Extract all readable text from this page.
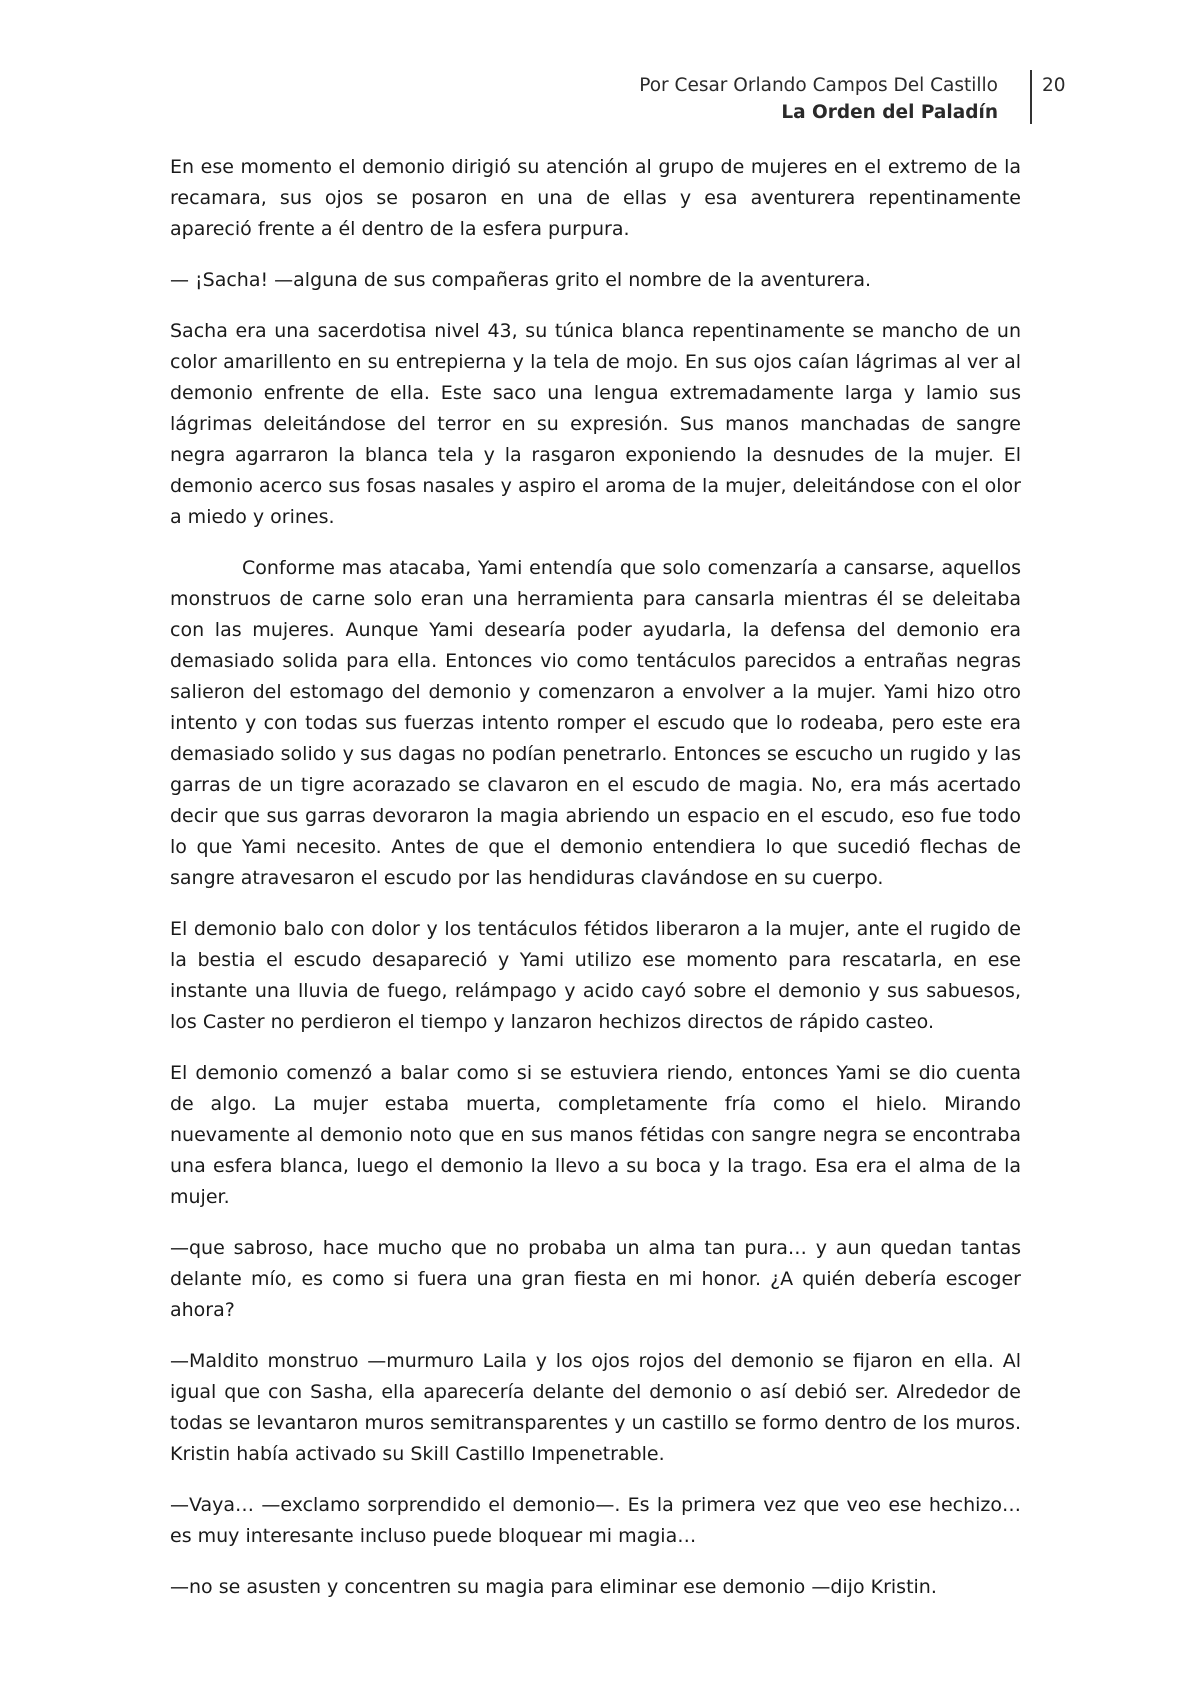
Por Cesar Orlando Campos Del Castillo
La Orden del Paladín
20

En ese momento el demonio dirigió su atención al grupo de mujeres en el extremo de la recamara, sus ojos se posaron en una de ellas y esa aventurera repentinamente apareció frente a él dentro de la esfera purpura.

— ¡Sacha! —alguna de sus compañeras grito el nombre de la aventurera.

Sacha era una sacerdotisa nivel 43, su túnica blanca repentinamente se mancho de un color amarillento en su entrepierna y la tela de mojo. En sus ojos caían lágrimas al ver al demonio enfrente de ella. Este saco una lengua extremadamente larga y lamio sus lágrimas deleitándose del terror en su expresión. Sus manos manchadas de sangre negra agarraron la blanca tela y la rasgaron exponiendo la desnudes de la mujer. El demonio acerco sus fosas nasales y aspiro el aroma de la mujer, deleitándose con el olor a miedo y orines.

Conforme mas atacaba, Yami entendía que solo comenzaría a cansarse, aquellos monstruos de carne solo eran una herramienta para cansarla mientras él se deleitaba con las mujeres. Aunque Yami desearía poder ayudarla, la defensa del demonio era demasiado solida para ella. Entonces vio como tentáculos parecidos a entrañas negras salieron del estomago del demonio y comenzaron a envolver a la mujer. Yami hizo otro intento y con todas sus fuerzas intento romper el escudo que lo rodeaba, pero este era demasiado solido y sus dagas no podían penetrarlo. Entonces se escucho un rugido y las garras de un tigre acorazado se clavaron en el escudo de magia. No, era más acertado decir que sus garras devoraron la magia abriendo un espacio en el escudo, eso fue todo lo que Yami necesito. Antes de que el demonio entendiera lo que sucedió flechas de sangre atravesaron el escudo por las hendiduras clavándose en su cuerpo.

El demonio balo con dolor y los tentáculos fétidos liberaron a la mujer, ante el rugido de la bestia el escudo desapareció y Yami utilizo ese momento para rescatarla, en ese instante una lluvia de fuego, relámpago y acido cayó sobre el demonio y sus sabuesos, los Caster no perdieron el tiempo y lanzaron hechizos directos de rápido casteo.

El demonio comenzó a balar como si se estuviera riendo, entonces Yami se dio cuenta de algo. La mujer estaba muerta, completamente fría como el hielo. Mirando nuevamente al demonio noto que en sus manos fétidas con sangre negra se encontraba una esfera blanca, luego el demonio la llevo a su boca y la trago. Esa era el alma de la mujer.

—que sabroso, hace mucho que no probaba un alma tan pura… y aun quedan tantas delante mío, es como si fuera una gran fiesta en mi honor. ¿A quién debería escoger ahora?

—Maldito monstruo —murmuro Laila y los ojos rojos del demonio se fijaron en ella. Al igual que con Sasha, ella aparecería delante del demonio o así debió ser. Alrededor de todas se levantaron muros semitransparentes y un castillo se formo dentro de los muros. Kristin había activado su Skill Castillo Impenetrable.

—Vaya… —exclamo sorprendido el demonio—. Es la primera vez que veo ese hechizo… es muy interesante incluso puede bloquear mi magia…

—no se asusten y concentren su magia para eliminar ese demonio —dijo Kristin.
